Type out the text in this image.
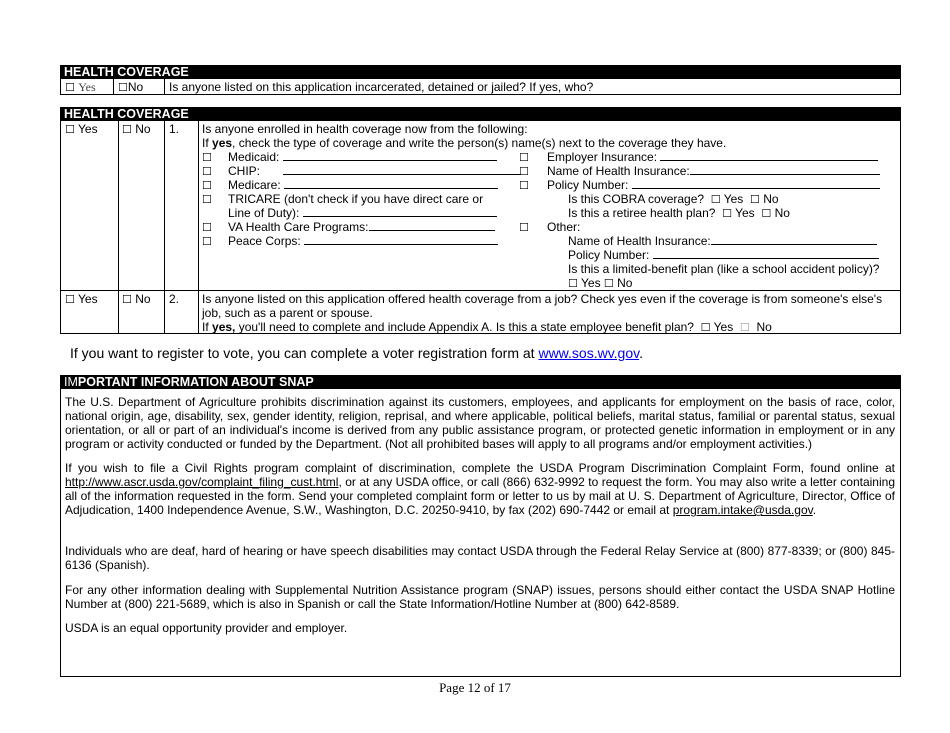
HEALTH COVERAGE
☐ Yes ☐No Is anyone listed on this application incarcerated, detained or jailed? If yes, who?
HEALTH COVERAGE
☐ Yes ☐ No 1. Is anyone enrolled in health coverage now from the following:
If yes, check the type of coverage and write the person(s) name(s) next to the coverage they have.
☐ Medicaid:
☐ CHIP:
☐ Medicare:
☐ TRICARE (don't check if you have direct care or
Line of Duty):
☐ VA Health Care Programs:
☐ Peace Corps:
☐ Employer Insurance:
☐ Name of Health Insurance:
☐ Policy Number:
Is this COBRA coverage? ☐ Yes ☐ No
Is this a retiree health plan? ☐ Yes ☐ No
☐ Other:
Name of Health Insurance:
Policy Number:
Is this a limited-benefit plan (like a school accident policy)?
☐ Yes ☐ No
☐ Yes ☐ No 2. Is anyone listed on this application offered health coverage from a job? Check yes even if the coverage is from someone's else's
job, such as a parent or spouse.
If yes, you'll need to complete and include Appendix A. Is this a state employee benefit plan? ☐ Yes ☐ No
If you want to register to vote, you can complete a voter registration form at www.sos.wv.gov.
IMPORTANT INFORMATION ABOUT SNAP

The U.S. Department of Agriculture prohibits discrimination against its customers, employees, and applicants for employment on the basis of race, color, national origin, age, disability, sex, gender identity, religion, reprisal, and where applicable, political beliefs, marital status, familial or parental status, sexual orientation, or all or part of an individual's income is derived from any public assistance program, or protected genetic information in employment or in any program or activity conducted or funded by the Department. (Not all prohibited bases will apply to all programs and/or employment activities.)

If you wish to file a Civil Rights program complaint of discrimination, complete the USDA Program Discrimination Complaint Form, found online at http://www.ascr.usda.gov/complaint_filing_cust.html, or at any USDA office, or call (866) 632-9992 to request the form. You may also write a letter containing all of the information requested in the form. Send your completed complaint form or letter to us by mail at U. S. Department of Agriculture, Director, Office of Adjudication, 1400 Independence Avenue, S.W., Washington, D.C. 20250-9410, by fax (202) 690-7442 or email at program.intake@usda.gov.

Individuals who are deaf, hard of hearing or have speech disabilities may contact USDA through the Federal Relay Service at (800) 877-8339; or (800) 845-6136 (Spanish).

For any other information dealing with Supplemental Nutrition Assistance program (SNAP) issues, persons should either contact the USDA SNAP Hotline Number at (800) 221-5689, which is also in Spanish or call the State Information/Hotline Number at (800) 642-8589.

USDA is an equal opportunity provider and employer.

Page 12 of 17
